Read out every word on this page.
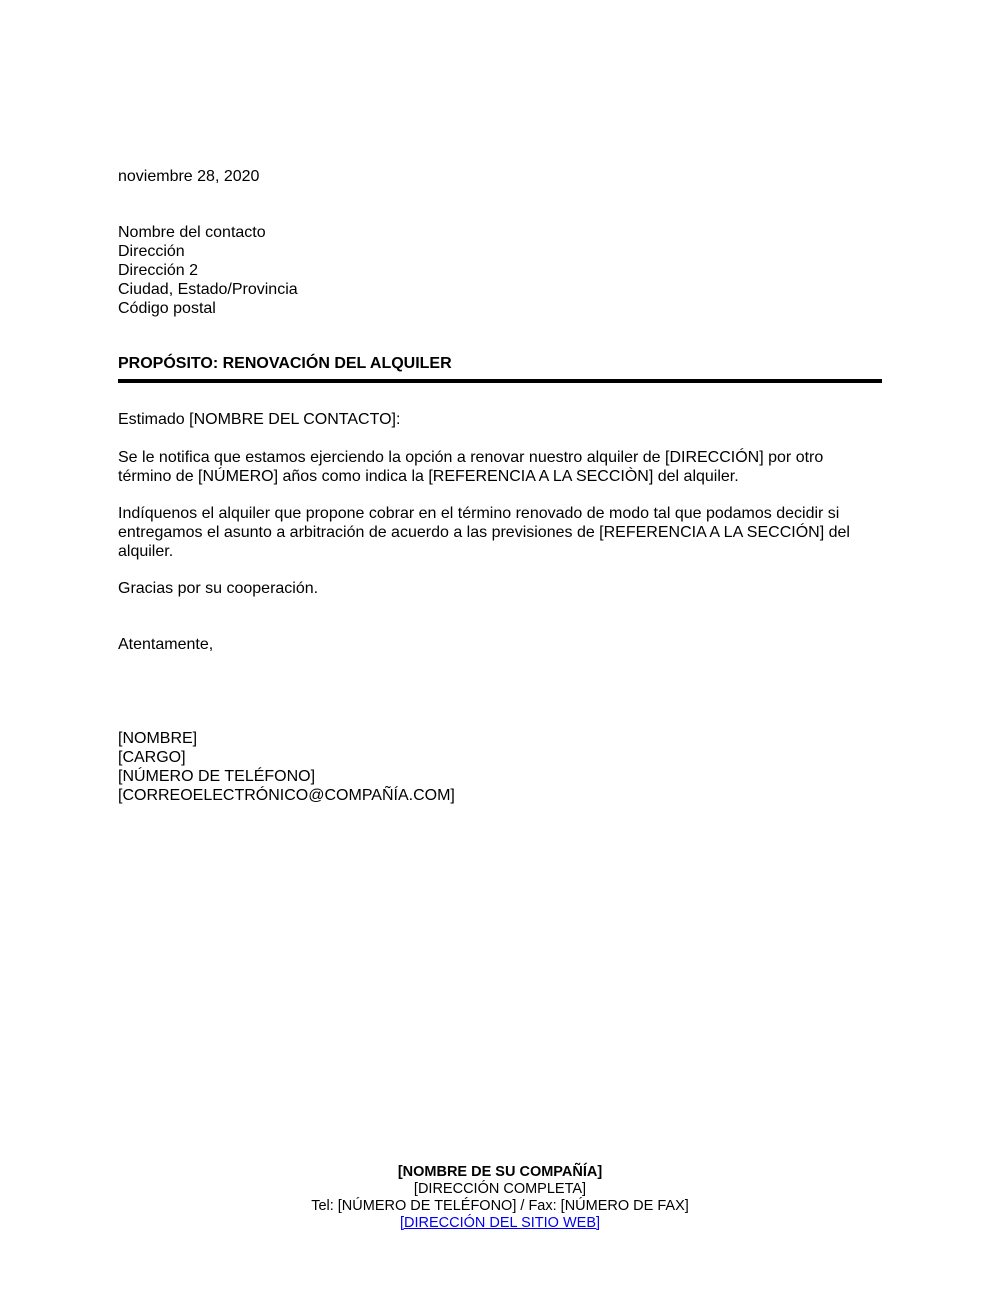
noviembre 28, 2020
Nombre del contacto
Dirección
Dirección 2
Ciudad, Estado/Provincia
Código postal
PROPÓSITO: RENOVACIÓN DEL ALQUILER
Estimado [NOMBRE DEL CONTACTO]:
Se le notifica que estamos ejerciendo la opción a renovar nuestro alquiler de [DIRECCIÓN] por otro
término de [NÚMERO] años como indica la [REFERENCIA A LA SECCIÒN] del alquiler.
Indíquenos el alquiler que propone cobrar en el término renovado de modo tal que podamos decidir si
entregamos el asunto a arbitración de acuerdo a las previsiones de [REFERENCIA A LA SECCIÓN] del
alquiler.
Gracias por su cooperación.
Atentamente,
[NOMBRE]
[CARGO]
[NÚMERO DE TELÉFONO]
[CORREOELECTRÓNICO@COMPAÑÍA.COM]
[NOMBRE DE SU COMPAÑÍA]
[DIRECCIÓN COMPLETA]
Tel: [NÚMERO DE TELÉFONO] / Fax: [NÚMERO DE FAX]
[DIRECCIÓN DEL SITIO WEB]
